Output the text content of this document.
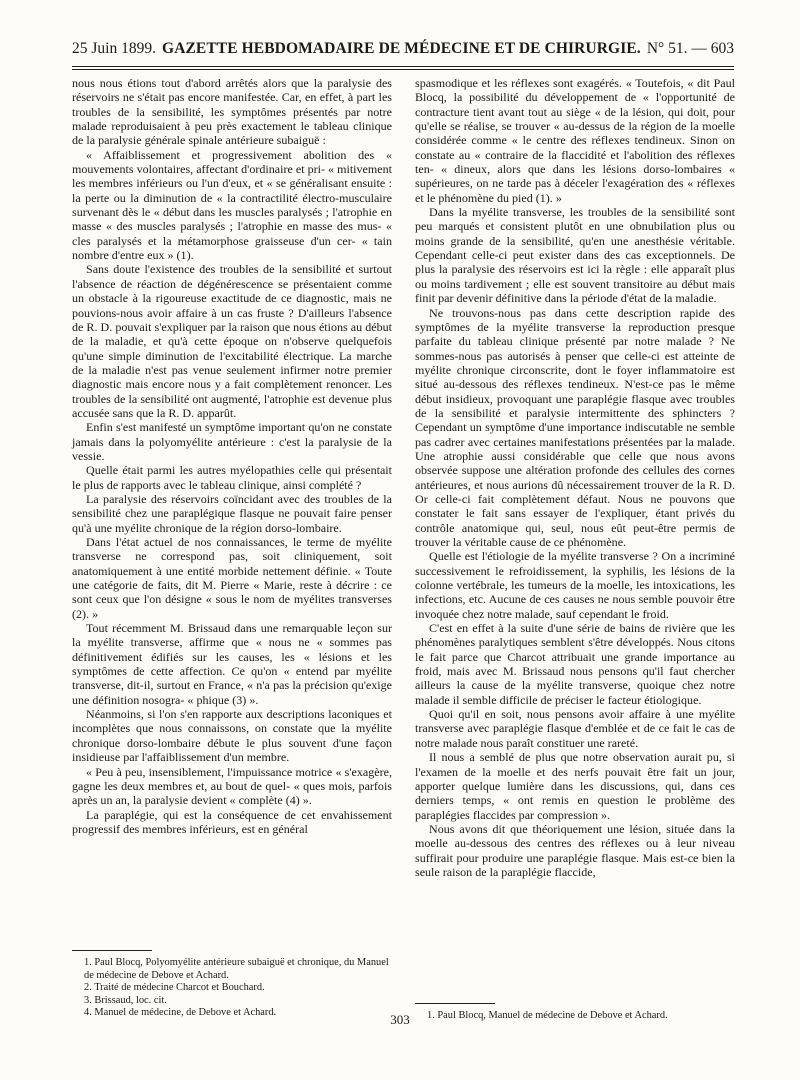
25 Juin 1899. GAZETTE HEBDOMADAIRE DE MÉDECINE ET DE CHIRURGIE. N° 51. — 603

nous nous étions tout d'abord arrêtés alors que la paralysie des réservoirs ne s'était pas encore manifestée. Car, en effet, à part les troubles de la sensibilité, les symptômes présentés par notre malade reproduisaient à peu près exactement le tableau clinique de la paralysie générale spinale antérieure subaiguë :

« Affaiblissement et progressivement abolition des « mouvements volontaires, affectant d'ordinaire et pri- « mitivement les membres inférieurs ou l'un d'eux, et « se généralisant ensuite : la perte ou la diminution de « la contractilité électro-musculaire survenant dès le « début dans les muscles paralysés ; l'atrophie en masse « des muscles paralysés ; l'atrophie en masse des mus- « cles paralysés et la métamorphose graisseuse d'un cer- « tain nombre d'entre eux » (1).

Sans doute l'existence des troubles de la sensibilité et surtout l'absence de réaction de dégénérescence se présentaient comme un obstacle à la rigoureuse exactitude de ce diagnostic, mais ne pouvions-nous avoir affaire à un cas fruste ? D'ailleurs l'absence de R. D. pouvait s'expliquer par la raison que nous étions au début de la maladie, et qu'à cette époque on n'observe quelquefois qu'une simple diminution de l'excitabilité électrique. La marche de la maladie n'est pas venue seulement infirmer notre premier diagnostic mais encore nous y a fait complètement renoncer. Les troubles de la sensibilité ont augmenté, l'atrophie est devenue plus accusée sans que la R. D. apparût.

Enfin s'est manifesté un symptôme important qu'on ne constate jamais dans la polyomyélite antérieure : c'est la paralysie de la vessie.

Quelle était parmi les autres myélopathies celle qui présentait le plus de rapports avec le tableau clinique, ainsi complété ?

La paralysie des réservoirs coïncidant avec des troubles de la sensibilité chez une paraplégique flasque ne pouvait faire penser qu'à une myélite chronique de la région dorso-lombaire.

Dans l'état actuel de nos connaissances, le terme de myélite transverse ne correspond pas, soit cliniquement, soit anatomiquement à une entité morbide nettement définie. « Toute une catégorie de faits, dit M. Pierre « Marie, reste à décrire : ce sont ceux que l'on désigne « sous le nom de myélites transverses (2). »

Tout récemment M. Brissaud dans une remarquable leçon sur la myélite transverse, affirme que « nous ne « sommes pas définitivement édifiés sur les causes, les « lésions et les symptômes de cette affection. Ce qu'on « entend par myélite transverse, dit-il, surtout en France, « n'a pas la précision qu'exige une définition nosogra- « phique (3) ».

Néanmoins, si l'on s'en rapporte aux descriptions laconiques et incomplètes que nous connaissons, on constate que la myélite chronique dorso-lombaire débute le plus souvent d'une façon insidieuse par l'affaiblissement d'un membre.

« Peu à peu, insensiblement, l'impuissance motrice « s'exagère, gagne les deux membres et, au bout de quel- « ques mois, parfois après un an, la paralysie devient « complète (4) ».

La paraplégie, qui est la conséquence de cet envahissement progressif des membres inférieurs, est en général

spasmodique et les réflexes sont exagérés. « Toutefois, « dit Paul Blocq, la possibilité du développement de « l'opportunité de contracture tient avant tout au siège « de la lésion, qui doit, pour qu'elle se réalise, se trouver « au-dessus de la région de la moelle considérée comme « le centre des réflexes tendineux. Sinon on constate au « contraire de la flaccidité et l'abolition des réflexes ten- « dineux, alors que dans les lésions dorso-lombaires « supérieures, on ne tarde pas à déceler l'exagération des « réflexes et le phénomène du pied (1). »

Dans la myélite transverse, les troubles de la sensibilité sont peu marqués et consistent plutôt en une obnubilation plus ou moins grande de la sensibilité, qu'en une anesthésie véritable. Cependant celle-ci peut exister dans des cas exceptionnels. De plus la paralysie des réservoirs est ici la règle : elle apparaît plus ou moins tardivement ; elle est souvent transitoire au début mais finit par devenir définitive dans la période d'état de la maladie.

Ne trouvons-nous pas dans cette description rapide des symptômes de la myélite transverse la reproduction presque parfaite du tableau clinique présenté par notre malade ? Ne sommes-nous pas autorisés à penser que celle-ci est atteinte de myélite chronique circonscrite, dont le foyer inflammatoire est situé au-dessous des réflexes tendineux. N'est-ce pas le même début insidieux, provoquant une paraplégie flasque avec troubles de la sensibilité et paralysie intermittente des sphincters ? Cependant un symptôme d'une importance indiscutable ne semble pas cadrer avec certaines manifestations présentées par la malade. Une atrophie aussi considérable que celle que nous avons observée suppose une altération profonde des cellules des cornes antérieures, et nous aurions dû nécessairement trouver de la R. D. Or celle-ci fait complètement défaut. Nous ne pouvons que constater le fait sans essayer de l'expliquer, étant privés du contrôle anatomique qui, seul, nous eût peut-être permis de trouver la véritable cause de ce phénomène.

Quelle est l'étiologie de la myélite transverse ? On a incriminé successivement le refroidissement, la syphilis, les lésions de la colonne vertébrale, les tumeurs de la moelle, les intoxications, les infections, etc. Aucune de ces causes ne nous semble pouvoir être invoquée chez notre malade, sauf cependant le froid.

C'est en effet à la suite d'une série de bains de rivière que les phénomènes paralytiques semblent s'être développés. Nous citons le fait parce que Charcot attribuait une grande importance au froid, mais avec M. Brissaud nous pensons qu'il faut chercher ailleurs la cause de la myélite transverse, quoique chez notre malade il semble difficile de préciser le facteur étiologique.

Quoi qu'il en soit, nous pensons avoir affaire à une myélite transverse avec paraplégie flasque d'emblée et de ce fait le cas de notre malade nous paraît constituer une rareté.

Il nous a semblé de plus que notre observation aurait pu, si l'examen de la moelle et des nerfs pouvait être fait un jour, apporter quelque lumière dans les discussions, qui, dans ces derniers temps, « ont remis en question le problème des paraplégies flaccides par compression ».

Nous avons dit que théoriquement une lésion, située dans la moelle au-dessous des centres des réflexes ou à leur niveau suffirait pour produire une paraplégie flasque. Mais est-ce bien la seule raison de la paraplégie flaccide,

1. Paul Blocq, Polyomyélite antérieure subaiguë et chronique, du Manuel de médecine de Debove et Achard.
2. Traité de médecine Charcot et Bouchard.
3. Brissaud, loc. cit.
4. Manuel de médecine, de Debove et Achard.	1. Paul Blocq, Manuel de médecine de Debove et Achard.
303
